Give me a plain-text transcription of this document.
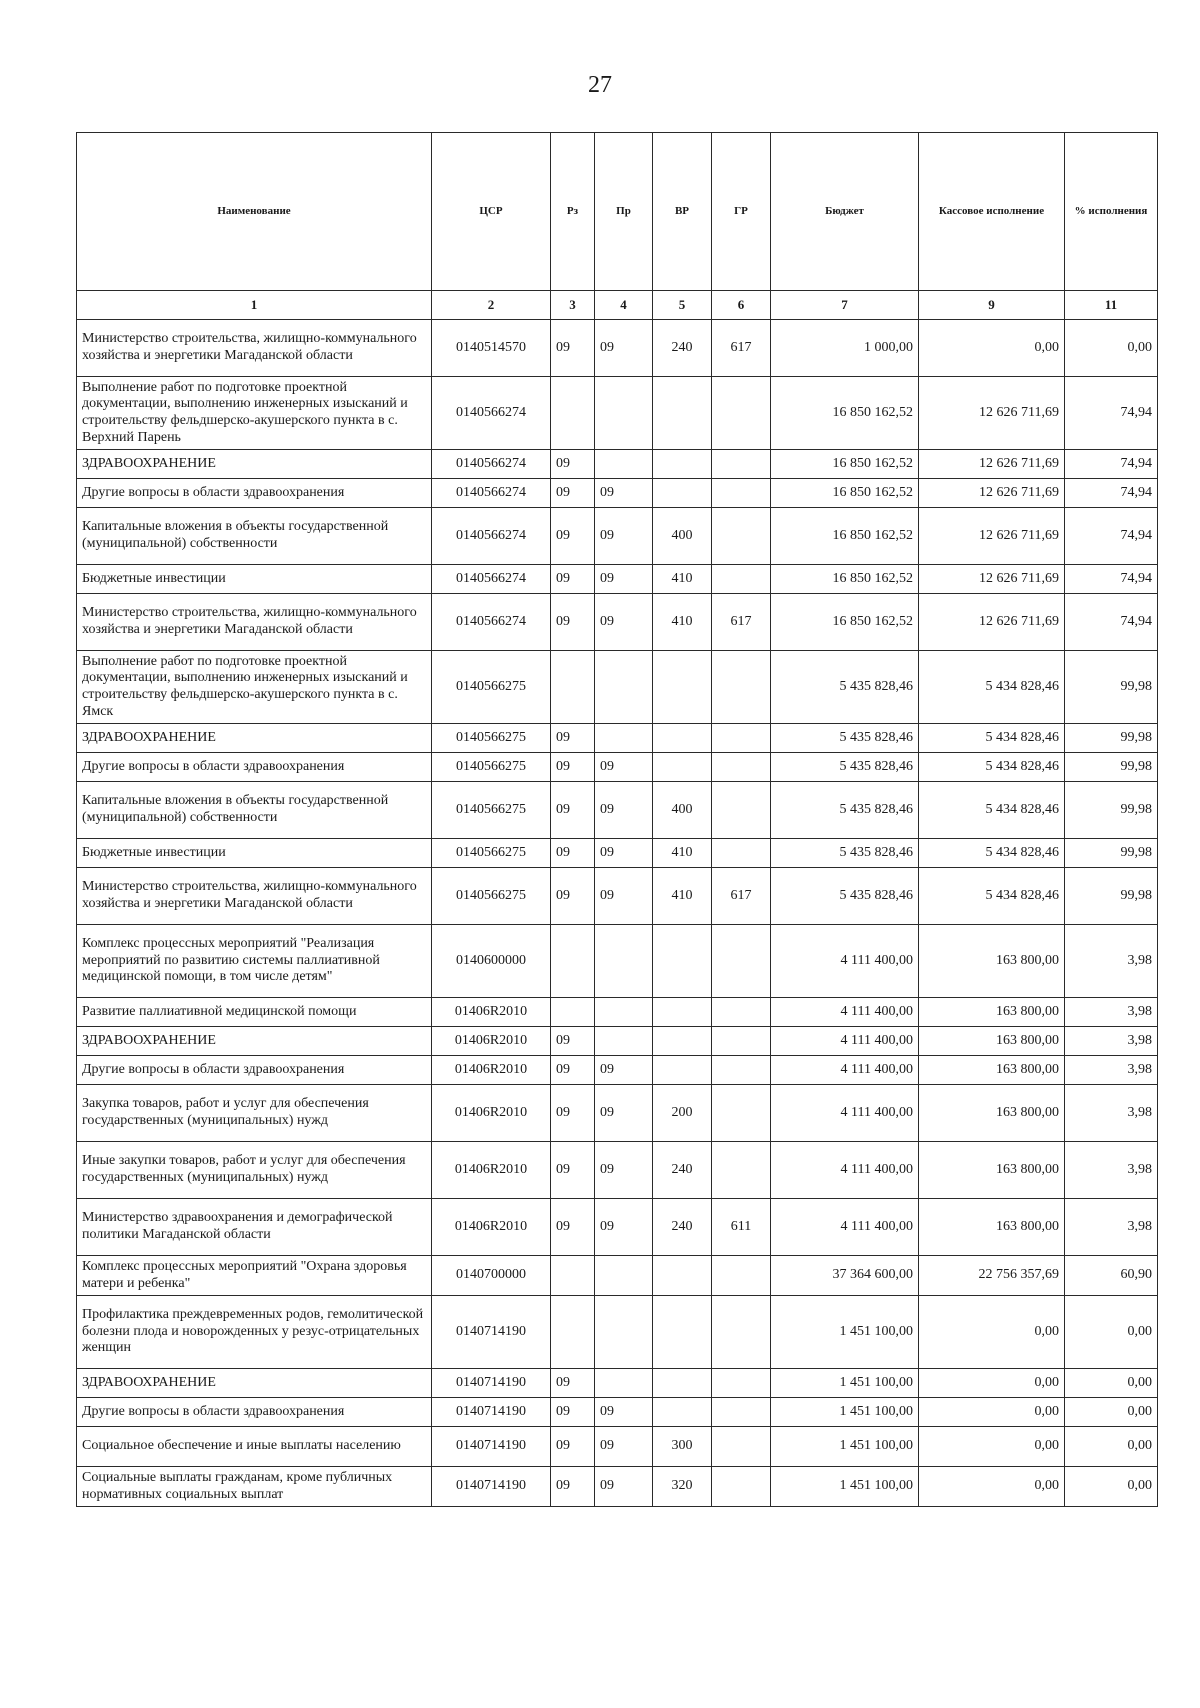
27
Наименование	ЦСР	Рз	Пр	ВР	ГР	Бюджет	Кассовое исполнение	% исполнения
1	2	3	4	5	6	7	9	11
Министерство строительства, жилищно-коммунального хозяйства и энергетики Магаданской области	0140514570	09	09	240	617	1 000,00	0,00	0,00
Выполнение работ по подготовке проектной документации, выполнению инженерных изысканий и строительству фельдшерско-акушерского пункта в с. Верхний Парень	0140566274					16 850 162,52	12 626 711,69	74,94
ЗДРАВООХРАНЕНИЕ	0140566274	09				16 850 162,52	12 626 711,69	74,94
Другие вопросы в области здравоохранения	0140566274	09	09			16 850 162,52	12 626 711,69	74,94
Капитальные вложения в объекты государственной (муниципальной) собственности	0140566274	09	09	400		16 850 162,52	12 626 711,69	74,94
Бюджетные инвестиции	0140566274	09	09	410		16 850 162,52	12 626 711,69	74,94
Министерство строительства, жилищно-коммунального хозяйства и энергетики Магаданской области	0140566274	09	09	410	617	16 850 162,52	12 626 711,69	74,94
Выполнение работ по подготовке проектной документации, выполнению инженерных изысканий и строительству фельдшерско-акушерского пункта в с. Ямск	0140566275					5 435 828,46	5 434 828,46	99,98
ЗДРАВООХРАНЕНИЕ	0140566275	09				5 435 828,46	5 434 828,46	99,98
Другие вопросы в области здравоохранения	0140566275	09	09			5 435 828,46	5 434 828,46	99,98
Капитальные вложения в объекты государственной (муниципальной) собственности	0140566275	09	09	400		5 435 828,46	5 434 828,46	99,98
Бюджетные инвестиции	0140566275	09	09	410		5 435 828,46	5 434 828,46	99,98
Министерство строительства, жилищно-коммунального хозяйства и энергетики Магаданской области	0140566275	09	09	410	617	5 435 828,46	5 434 828,46	99,98
Комплекс процессных мероприятий "Реализация мероприятий по развитию системы паллиативной медицинской помощи, в том числе детям"	0140600000					4 111 400,00	163 800,00	3,98
Развитие паллиативной медицинской помощи	01406R2010					4 111 400,00	163 800,00	3,98
ЗДРАВООХРАНЕНИЕ	01406R2010	09				4 111 400,00	163 800,00	3,98
Другие вопросы в области здравоохранения	01406R2010	09	09			4 111 400,00	163 800,00	3,98
Закупка товаров, работ и услуг для обеспечения государственных (муниципальных) нужд	01406R2010	09	09	200		4 111 400,00	163 800,00	3,98
Иные закупки товаров, работ и услуг для обеспечения государственных (муниципальных) нужд	01406R2010	09	09	240		4 111 400,00	163 800,00	3,98
Министерство здравоохранения и демографической политики Магаданской области	01406R2010	09	09	240	611	4 111 400,00	163 800,00	3,98
Комплекс процессных мероприятий "Охрана здоровья матери и ребенка"	0140700000					37 364 600,00	22 756 357,69	60,90
Профилактика преждевременных родов, гемолитической болезни плода и новорожденных у резус-отрицательных женщин	0140714190					1 451 100,00	0,00	0,00
ЗДРАВООХРАНЕНИЕ	0140714190	09				1 451 100,00	0,00	0,00
Другие вопросы в области здравоохранения	0140714190	09	09			1 451 100,00	0,00	0,00
Социальное обеспечение и иные выплаты населению	0140714190	09	09	300		1 451 100,00	0,00	0,00
Социальные выплаты гражданам, кроме публичных нормативных социальных выплат	0140714190	09	09	320		1 451 100,00	0,00	0,00
